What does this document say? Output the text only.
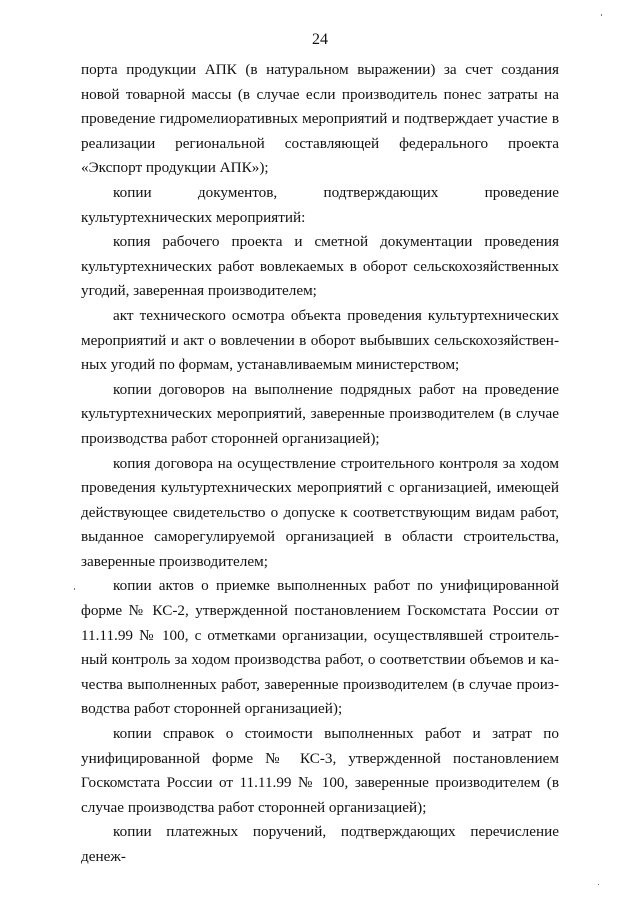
24

порта продукции АПК (в натуральном выражении) за счет создания новой товарной массы (в случае если производитель понес затраты на проведение гидромелиоративных мероприятий и подтверждает участие в реализации региональной составляющей федерального проекта «Экспорт продукции АПК»);

копии документов, подтверждающих проведение культуртехнических мероприятий:

копия рабочего проекта и сметной документации проведения культуртехнических работ вовлекаемых в оборот сельскохозяйственных угодий, заверенная производителем;

акт технического осмотра объекта проведения культуртехнических мероприятий и акт о вовлечении в оборот выбывших сельскохозяйственных угодий по формам, устанавливаемым министерством;

копии договоров на выполнение подрядных работ на проведение культуртехнических мероприятий, заверенные производителем (в случае производства работ сторонней организацией);

копия договора на осуществление строительного контроля за ходом проведения культуртехнических мероприятий с организацией, имеющей действующее свидетельство о допуске к соответствующим видам работ, выданное саморегулируемой организацией в области строительства, заверенные производителем;

копии актов о приемке выполненных работ по унифицированной форме № КС-2, утвержденной постановлением Госкомстата России от 11.11.99 № 100, с отметками организации, осуществлявшей строительный контроль за ходом производства работ, о соответствии объемов и качества выполненных работ, заверенные производителем (в случае производства работ сторонней организацией);

копии справок о стоимости выполненных работ и затрат по унифицированной форме № КС-3, утвержденной постановлением Госкомстата России от 11.11.99 № 100, заверенные производителем (в случае производства работ сторонней организацией);

копии платежных поручений, подтверждающих перечисление денеж-
